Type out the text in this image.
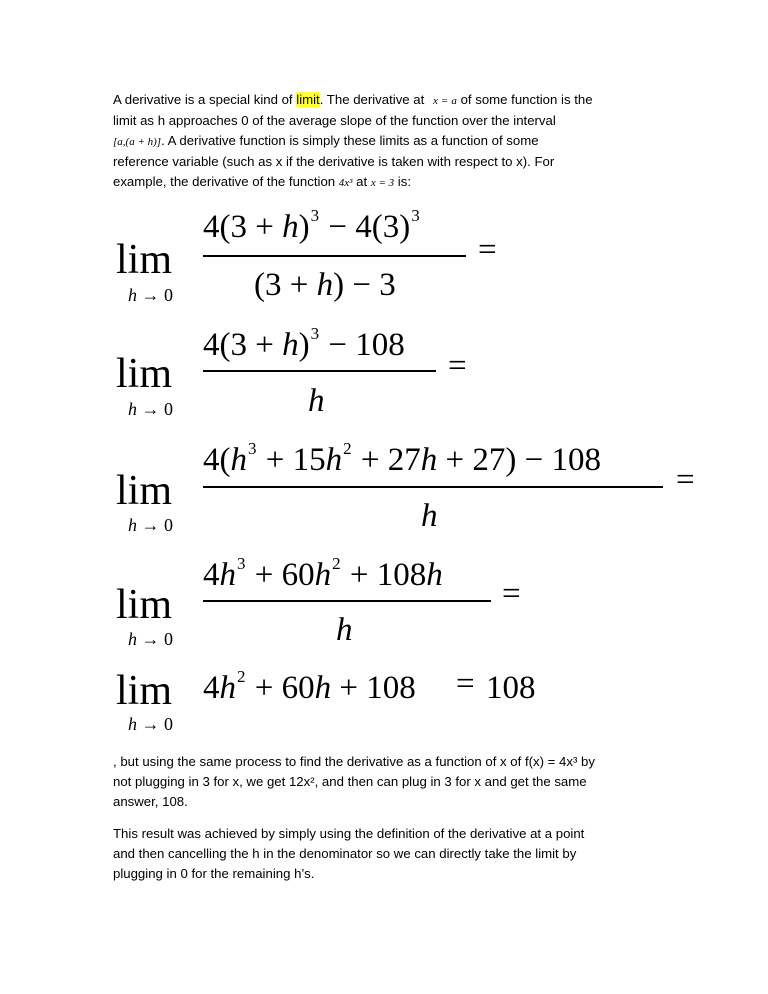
A derivative is a special kind of limit. The derivative at x = a of some function is the
limit as h approaches 0 of the average slope of the function over the interval
[a,(a + h)]. A derivative function is simply these limits as a function of some
reference variable (such as x if the derivative is taken with respect to x). For
example, the derivative of the function 4x³ at x = 3 is:
lim
h → 0
$4(3 + h)^3 - 4(3)^3$
(3 + h) − 3
=
lim
h → 0
$4(3 + h)^3 - 108$
h
=
lim
h → 0
$4(h^3 + 15h^2 + 27h + 27) - 108$
h
=
lim
h → 0
$4h^3 + 60h^2 + 108h$
h
=
lim
h → 0
$4h^2 + 60h + 108 = 108$
, but using the same process to find the derivative as a function of x of f(x) = 4x³ by
not plugging in 3 for x, we get 12x², and then can plug in 3 for x and get the same
answer, 108.
This result was achieved by simply using the definition of the derivative at a point
and then cancelling the h in the denominator so we can directly take the limit by
plugging in 0 for the remaining h’s.
